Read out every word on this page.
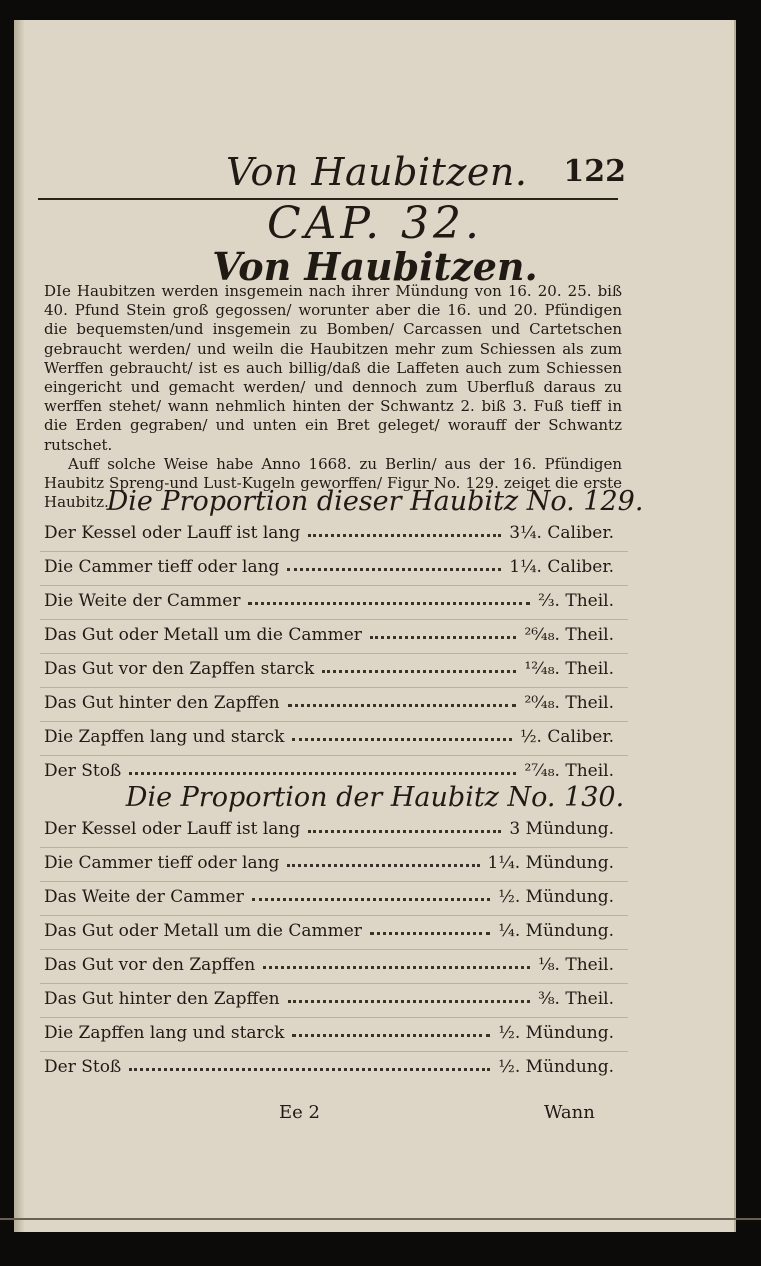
Von Haubitzen. 122
CAP. 32.
Von Haubitzen.

DIe Haubitzen werden insgemein nach ihrer Mündung von 16. 20. 25. biß 40. Pfund Stein groß gegossen/ worunter aber die 16. und 20. Pfündigen die bequemsten/und insgemein zu Bomben/ Carcassen und Cartetschen gebraucht werden/ und weiln die Haubitzen mehr zum Schiessen als zum Werffen gebraucht/ ist es auch billig/daß die Laffeten auch zum Schiessen eingericht und gemacht werden/ und dennoch zum Uberfluß daraus zu werffen stehet/ wann nehmlich hinten der Schwantz 2. biß 3. Fuß tieff in die Erden gegraben/ und unten ein Bret geleget/ worauff der Schwantz rutschet.

Auff solche Weise habe Anno 1668. zu Berlin/ aus der 16. Pfündigen Haubitz Spreng-und Lust-Kugeln geworffen/ Figur No. 129. zeiget die erste Haubitz.

Die Proportion dieser Haubitz No. 129.
Der Kessel oder Lauff ist lang	3¼. Caliber.
Die Cammer tieff oder lang	1¼. Caliber.
Die Weite der Cammer	⅔. Theil.
Das Gut oder Metall um die Cammer	²⁶⁄₄₈. Theil.
Das Gut vor den Zapffen starck	¹²⁄₄₈. Theil.
Das Gut hinter den Zapffen	²⁰⁄₄₈. Theil.
Die Zapffen lang und starck	½. Caliber.
Der Stoß	²⁷⁄₄₈. Theil.
Die Proportion der Haubitz No. 130.
Der Kessel oder Lauff ist lang	3 Mündung.
Die Cammer tieff oder lang	1¼. Mündung.
Das Weite der Cammer	½. Mündung.
Das Gut oder Metall um die Cammer	¼. Mündung.
Das Gut vor den Zapffen	⅛. Theil.
Das Gut hinter den Zapffen	⅜. Theil.
Die Zapffen lang und starck	½. Mündung.
Der Stoß	½. Mündung.
Ee 2	Wann
